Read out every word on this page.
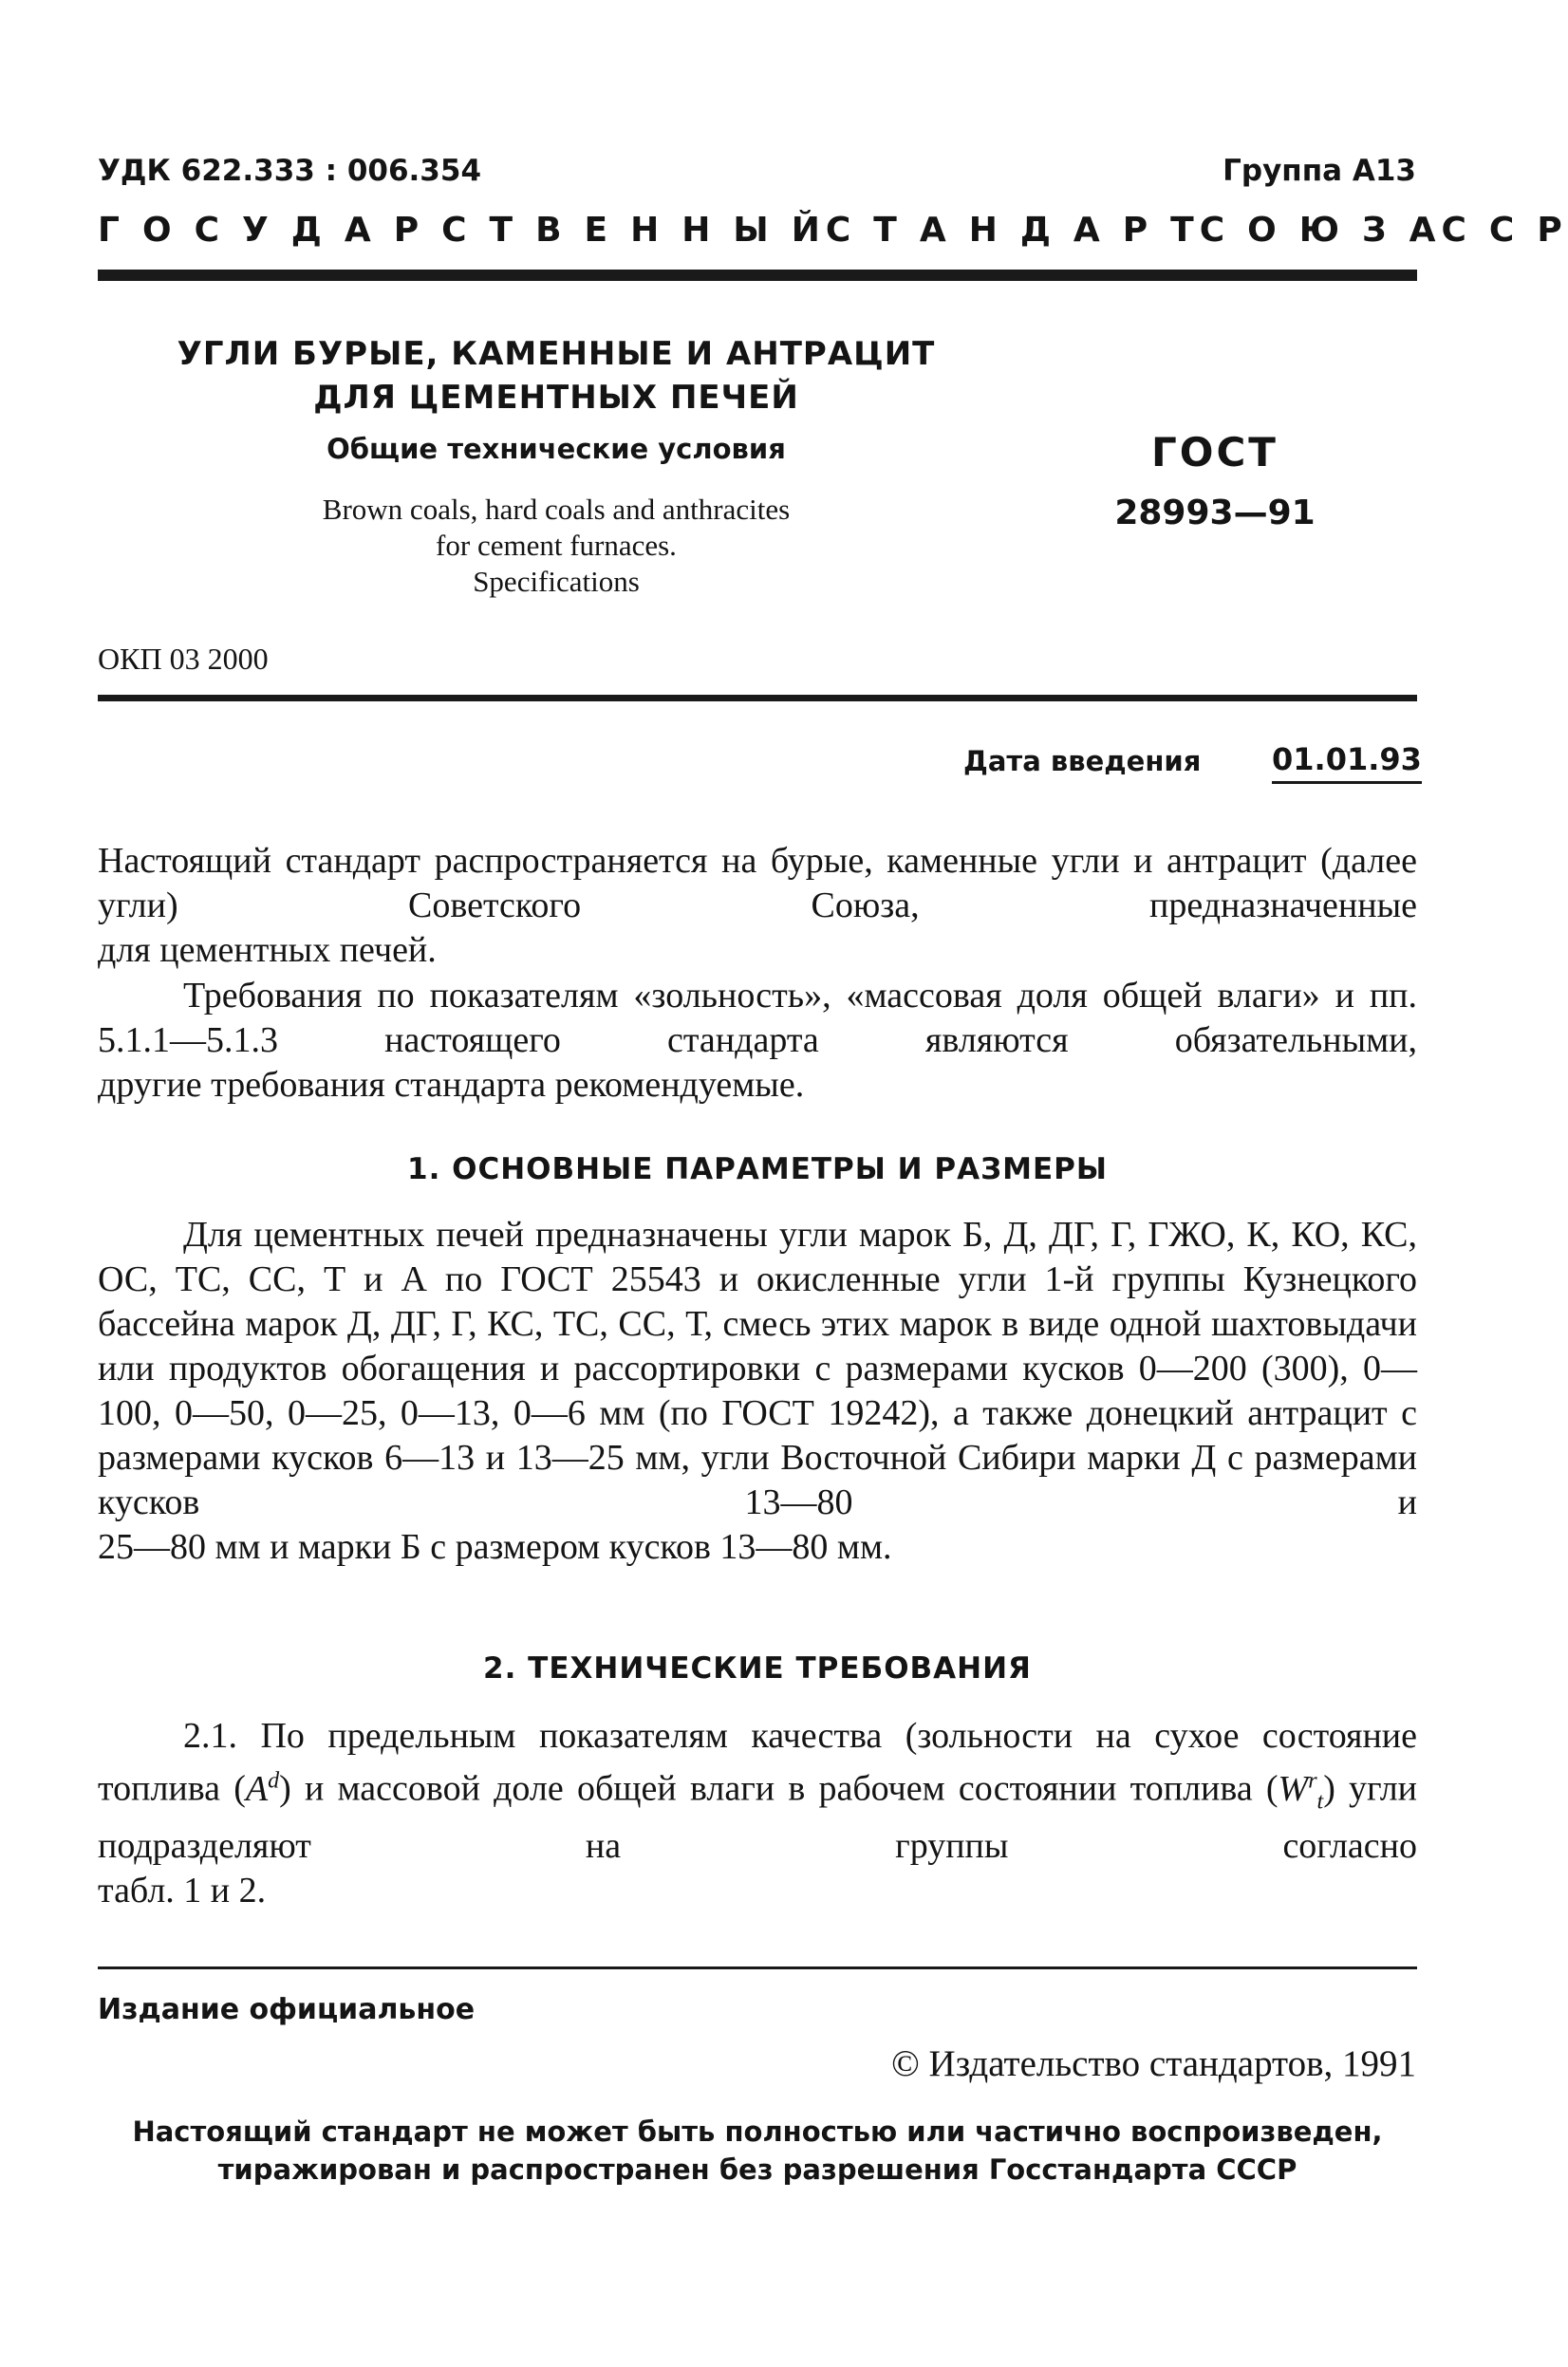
УДК 622.333 : 006.354	Группа А13
Г О С У Д А Р С Т В Е Н Н Ы Й С Т А Н Д А Р Т С О Ю З А С С Р
УГЛИ БУРЫЕ, КАМЕННЫЕ И АНТРАЦИТ
ДЛЯ ЦЕМЕНТНЫХ ПЕЧЕЙ
Общие технические условия
Brown coals, hard coals and anthracites
for cement furnaces.
Specifications
ГОСТ
28993—91
ОКП 03 2000
Дата введения 01.01.93
Настоящий стандарт распространяется на бурые, каменные угли и антрацит (далее угли) Советского Союза, предназначенные
для цементных печей.
Требования по показателям «зольность», «массовая доля общей влаги» и пп. 5.1.1—5.1.3 настоящего стандарта являются обязательными,
другие требования стандарта рекомендуемые.
1. ОСНОВНЫЕ ПАРАМЕТРЫ И РАЗМЕРЫ
Для цементных печей предназначены угли марок Б, Д, ДГ, Г, ГЖО, К, КО, КС, ОС, ТС, СС, Т и А по ГОСТ 25543 и окисленные угли 1-й группы Кузнецкого бассейна марок Д, ДГ, Г, КС, ТС, СС, Т, смесь этих марок в виде одной шахтовыдачи или продуктов обогащения и рассортировки с размерами кусков 0—200 (300), 0—100, 0—50, 0—25, 0—13, 0—6 мм (по ГОСТ 19242), а также донецкий антрацит с размерами кусков 6—13 и 13—25 мм, угли Восточной Сибири марки Д с размерами кусков 13—80 и
25—80 мм и марки Б с размером кусков 13—80 мм.
2. ТЕХНИЧЕСКИЕ ТРЕБОВАНИЯ
2.1. По предельным показателям качества (зольности на сухое состояние топлива $(A^d)$ и массовой доле общей влаги в рабочем состоянии топлива $(W^r_t)$ угли подразделяют на группы согласно
табл. 1 и 2.
Издание официальное
© Издательство стандартов, 1991
Настоящий стандарт не может быть полностью или частично воспроизведен,
тиражирован и распространен без разрешения Госстандарта СССР
